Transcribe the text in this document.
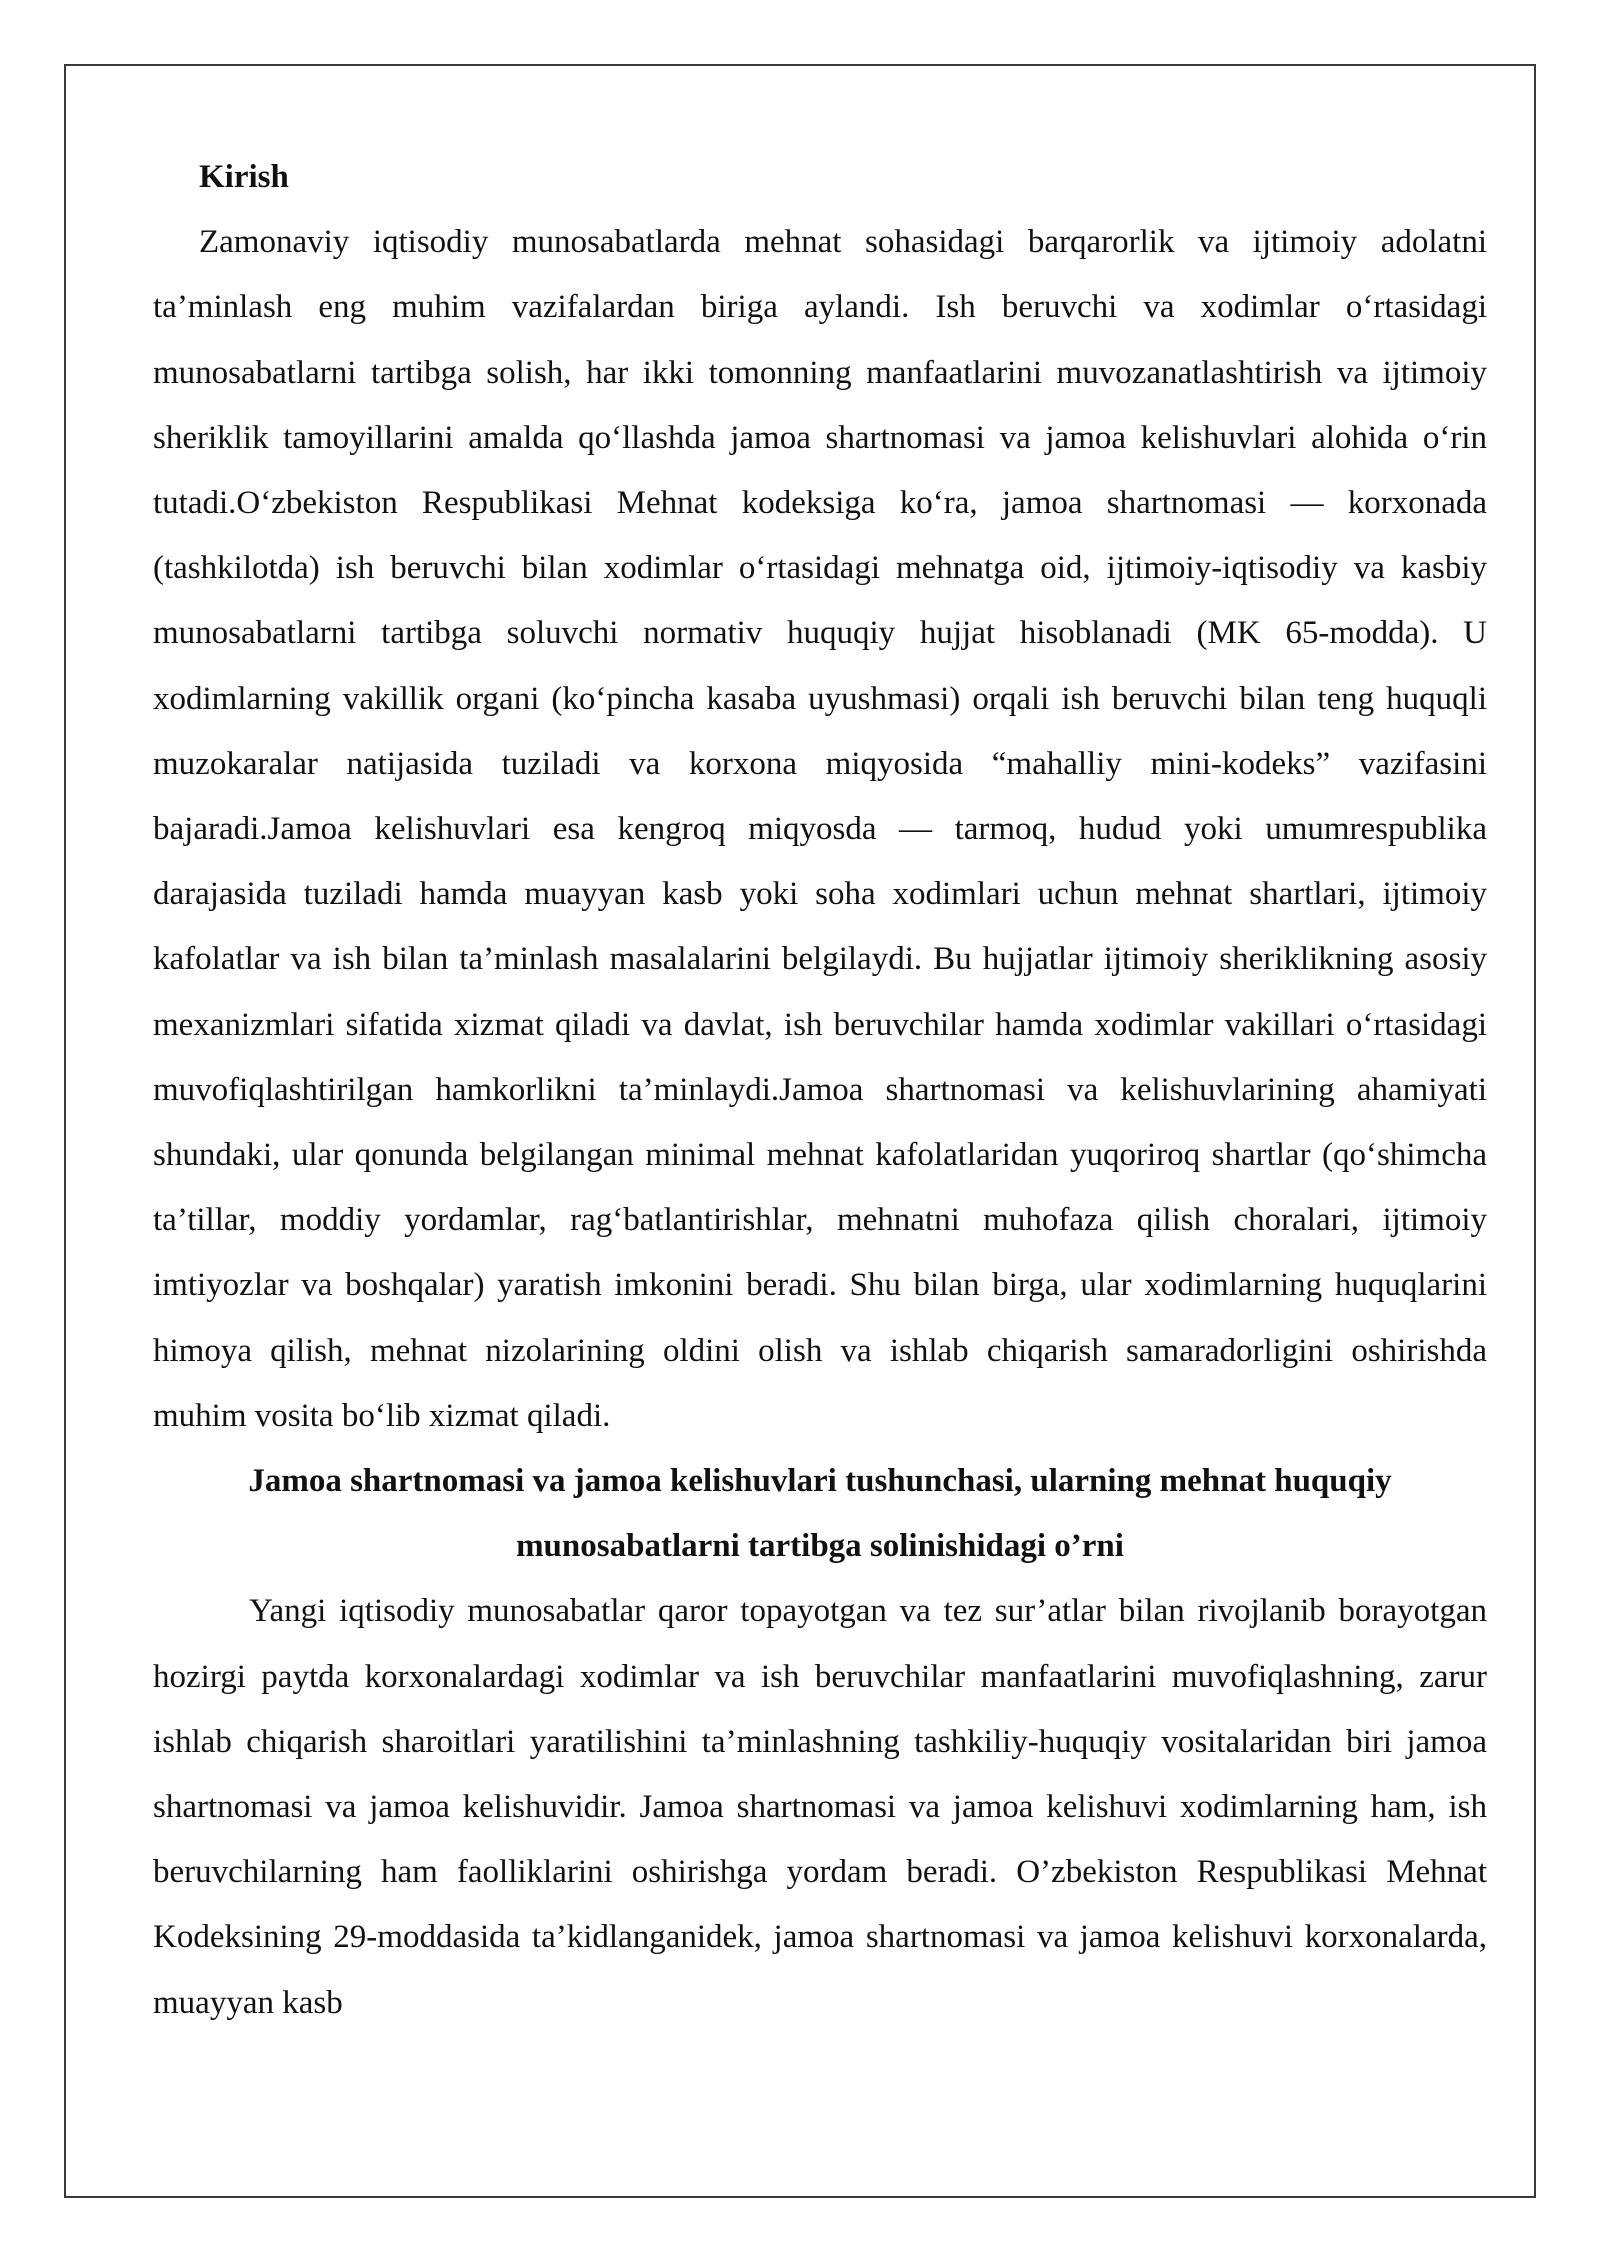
Kirish

Zamonaviy iqtisodiy munosabatlarda mehnat sohasidagi barqarorlik va ijtimoiy adolatni ta’minlash eng muhim vazifalardan biriga aylandi. Ish beruvchi va xodimlar o‘rtasidagi munosabatlarni tartibga solish, har ikki tomonning manfaatlarini muvozanatlashtirish va ijtimoiy sheriklik tamoyillarini amalda qo‘llashda jamoa shartnomasi va jamoa kelishuvlari alohida o‘rin tutadi.O‘zbekiston Respublikasi Mehnat kodeksiga ko‘ra, jamoa shartnomasi — korxonada (tashkilotda) ish beruvchi bilan xodimlar o‘rtasidagi mehnatga oid, ijtimoiy-iqtisodiy va kasbiy munosabatlarni tartibga soluvchi normativ huquqiy hujjat hisoblanadi (MK 65-modda). U xodimlarning vakillik organi (ko‘pincha kasaba uyushmasi) orqali ish beruvchi bilan teng huquqli muzokaralar natijasida tuziladi va korxona miqyosida “mahalliy mini-kodeks” vazifasini bajaradi.Jamoa kelishuvlari esa kengroq miqyosda — tarmoq, hudud yoki umumrespublika darajasida tuziladi hamda muayyan kasb yoki soha xodimlari uchun mehnat shartlari, ijtimoiy kafolatlar va ish bilan ta’minlash masalalarini belgilaydi. Bu hujjatlar ijtimoiy sheriklikning asosiy mexanizmlari sifatida xizmat qiladi va davlat, ish beruvchilar hamda xodimlar vakillari o‘rtasidagi muvofiqlashtirilgan hamkorlikni ta’minlaydi.Jamoa shartnomasi va kelishuvlarining ahamiyati shundaki, ular qonunda belgilangan minimal mehnat kafolatlaridan yuqoriroq shartlar (qo‘shimcha ta’tillar, moddiy yordamlar, rag‘batlantirishlar, mehnatni muhofaza qilish choralari, ijtimoiy imtiyozlar va boshqalar) yaratish imkonini beradi. Shu bilan birga, ular xodimlarning huquqlarini himoya qilish, mehnat nizolarining oldini olish va ishlab chiqarish samaradorligini oshirishda muhim vosita bo‘lib xizmat qiladi.

Jamoa shartnomasi va jamoa kelishuvlari tushunchasi, ularning mehnat huquqiy munosabatlarni tartibga solinishidagi o’rni

Yangi iqtisodiy munosabatlar qaror topayotgan va tez sur’atlar bilan rivojlanib borayotgan hozirgi paytda korxonalardagi xodimlar va ish beruvchilar manfaatlarini muvofiqlashning, zarur ishlab chiqarish sharoitlari yaratilishini ta’minlashning tashkiliy-huquqiy vositalaridan biri jamoa shartnomasi va jamoa kelishuvidir. Jamoa shartnomasi va jamoa kelishuvi xodimlarning ham, ish beruvchilarning ham faolliklarini oshirishga yordam beradi. O’zbekiston Respublikasi Mehnat Kodeksining 29-moddasida ta’kidlanganidek, jamoa shartnomasi va jamoa kelishuvi korxonalarda, muayyan kasb
